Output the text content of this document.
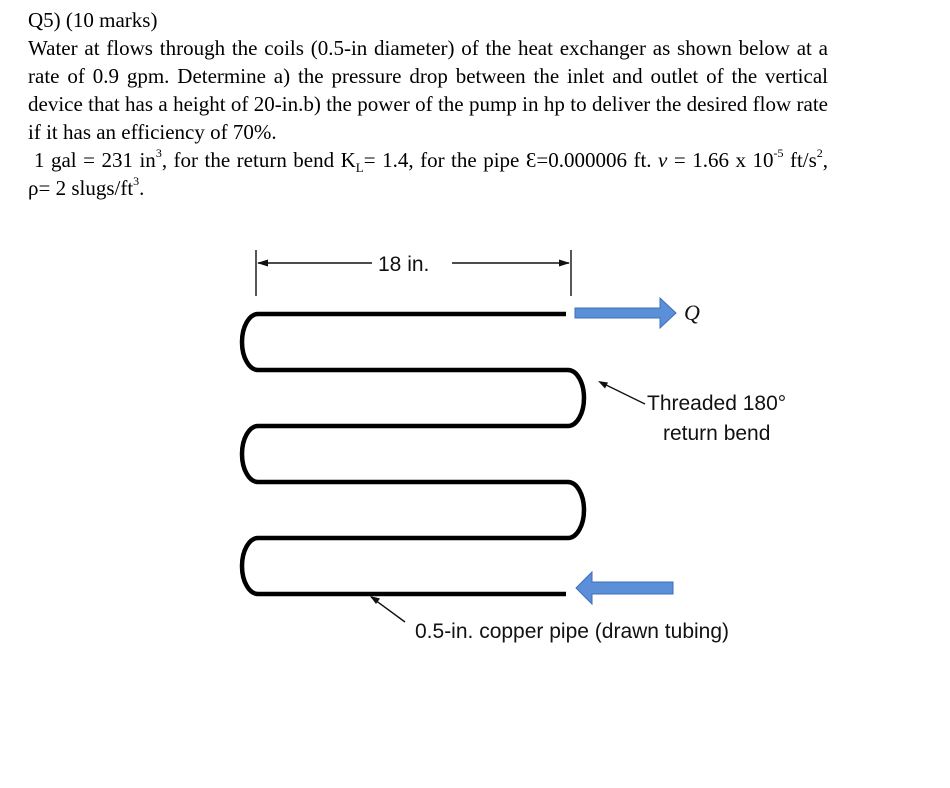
Q5) (10 marks)

Water at flows through the coils (0.5-in diameter) of the heat exchanger as shown below at a rate of 0.9 gpm. Determine a) the pressure drop between the inlet and outlet of the vertical device that has a height of 20-in.b) the power of the pump in hp to deliver the desired flow rate if it has an efficiency of 70%.

1 gal = 231 $in^3$, for the return bend $K_L= 1.4$, for the pipe Ɛ=0.000006 ft. ν = 1.66 x $10^{-5}$ $ft/s^2$, ρ= 2 slugs/$ft^3$.

18 in.
Q
Threaded 180°
return bend
0.5-in. copper pipe (drawn tubing)
